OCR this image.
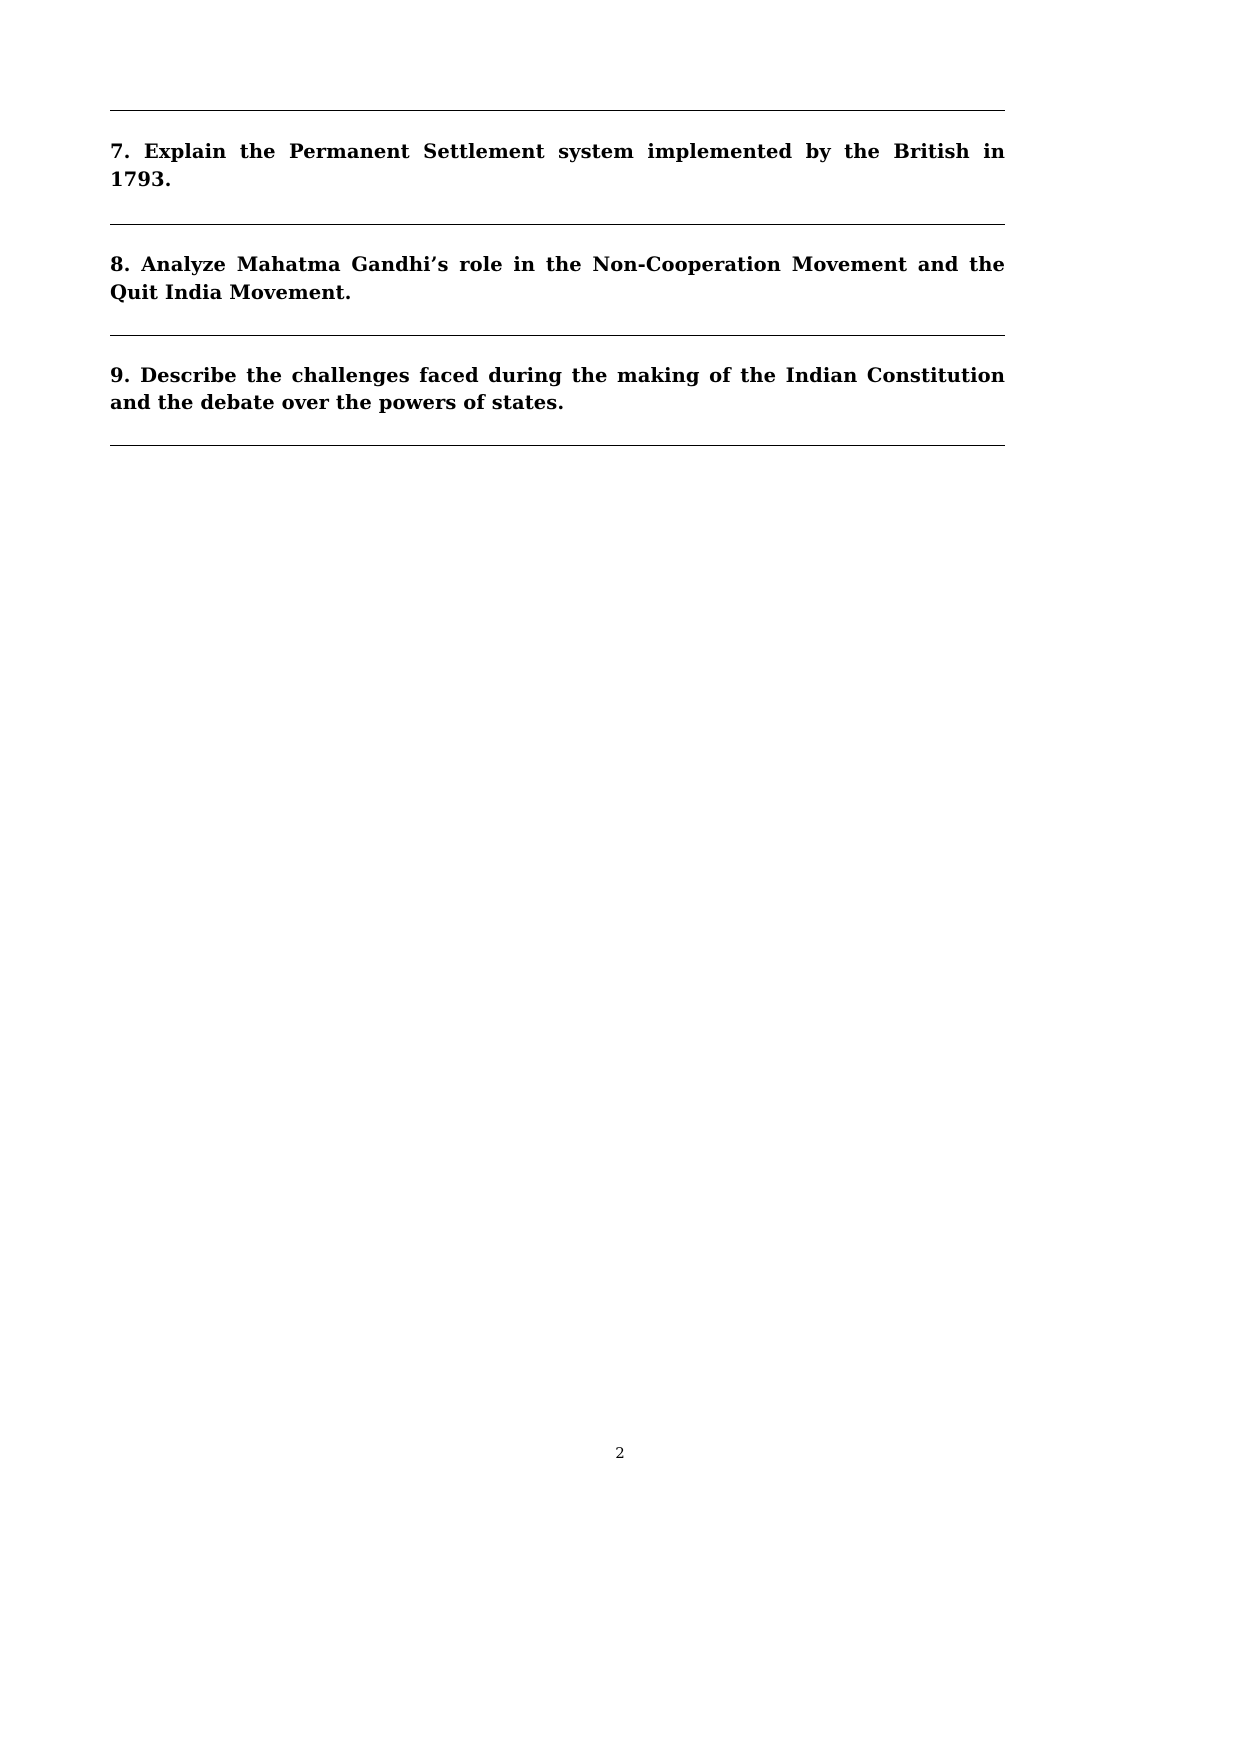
7. Explain the Permanent Settlement system implemented by the British in 1793.

8. Analyze Mahatma Gandhi’s role in the Non-Cooperation Movement and the Quit India Movement.

9. Describe the challenges faced during the making of the Indian Constitution and the debate over the powers of states.

2
